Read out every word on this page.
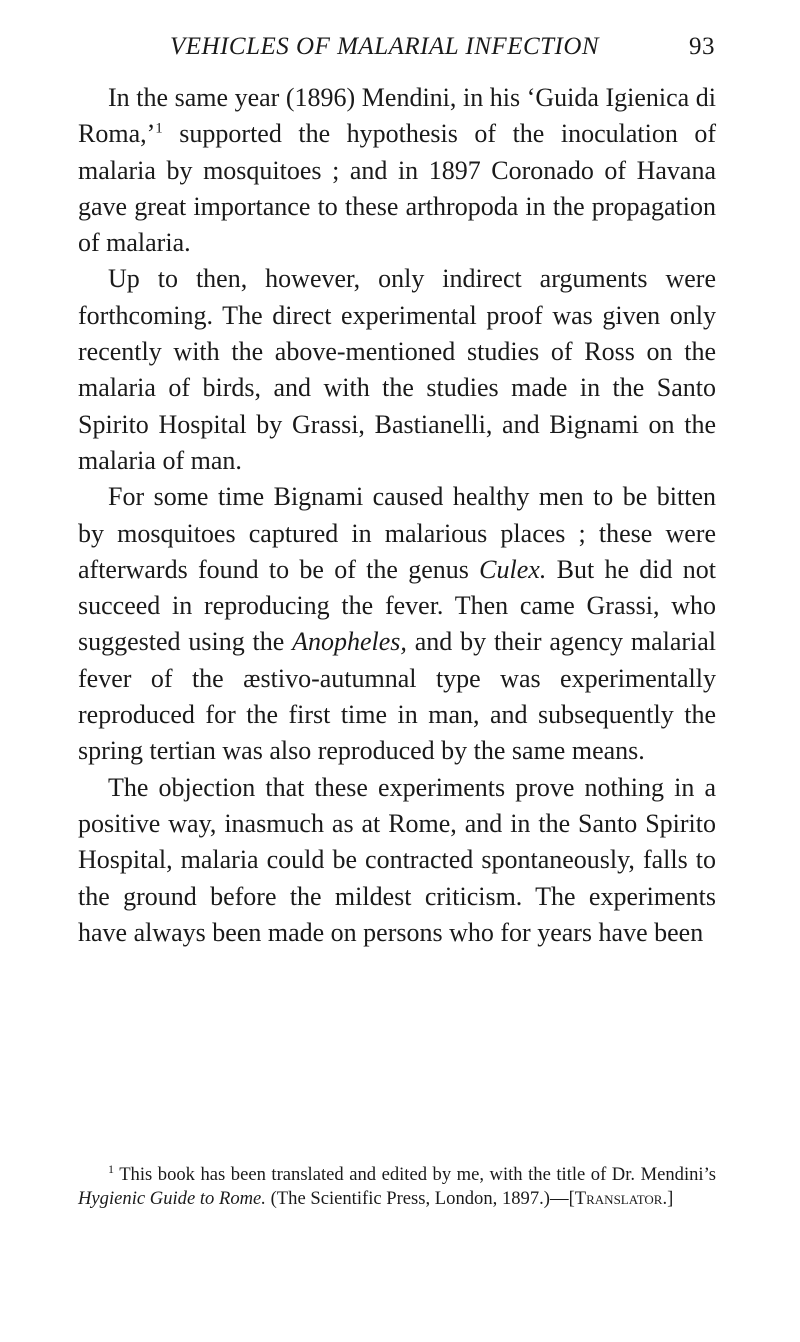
VEHICLES OF MALARIAL INFECTION	93

In the same year (1896) Mendini, in his ‘Guida Igienica di Roma,’$^1$ supported the hypothesis of the inoculation of malaria by mosquitoes ; and in 1897 Coronado of Havana gave great importance to these arthropoda in the propagation of malaria.

Up to then, however, only indirect arguments were forthcoming. The direct experimental proof was given only recently with the above-mentioned studies of Ross on the malaria of birds, and with the studies made in the Santo Spirito Hospital by Grassi, Bastianelli, and Bignami on the malaria of man.

For some time Bignami caused healthy men to be bitten by mosquitoes captured in malarious places ; these were afterwards found to be of the genus Culex. But he did not succeed in reproducing the fever. Then came Grassi, who suggested using the Anopheles, and by their agency malarial fever of the æstivo-autumnal type was experimentally reproduced for the first time in man, and subsequently the spring tertian was also reproduced by the same means.

The objection that these experiments prove nothing in a positive way, inasmuch as at Rome, and in the Santo Spirito Hospital, malaria could be contracted spontaneously, falls to the ground before the mildest criticism. The experiments have always been made on persons who for years have been

$^1$ This book has been translated and edited by me, with the title of Dr. Mendini’s Hygienic Guide to Rome. (The Scientific Press, London, 1897.)—[Translator.]
